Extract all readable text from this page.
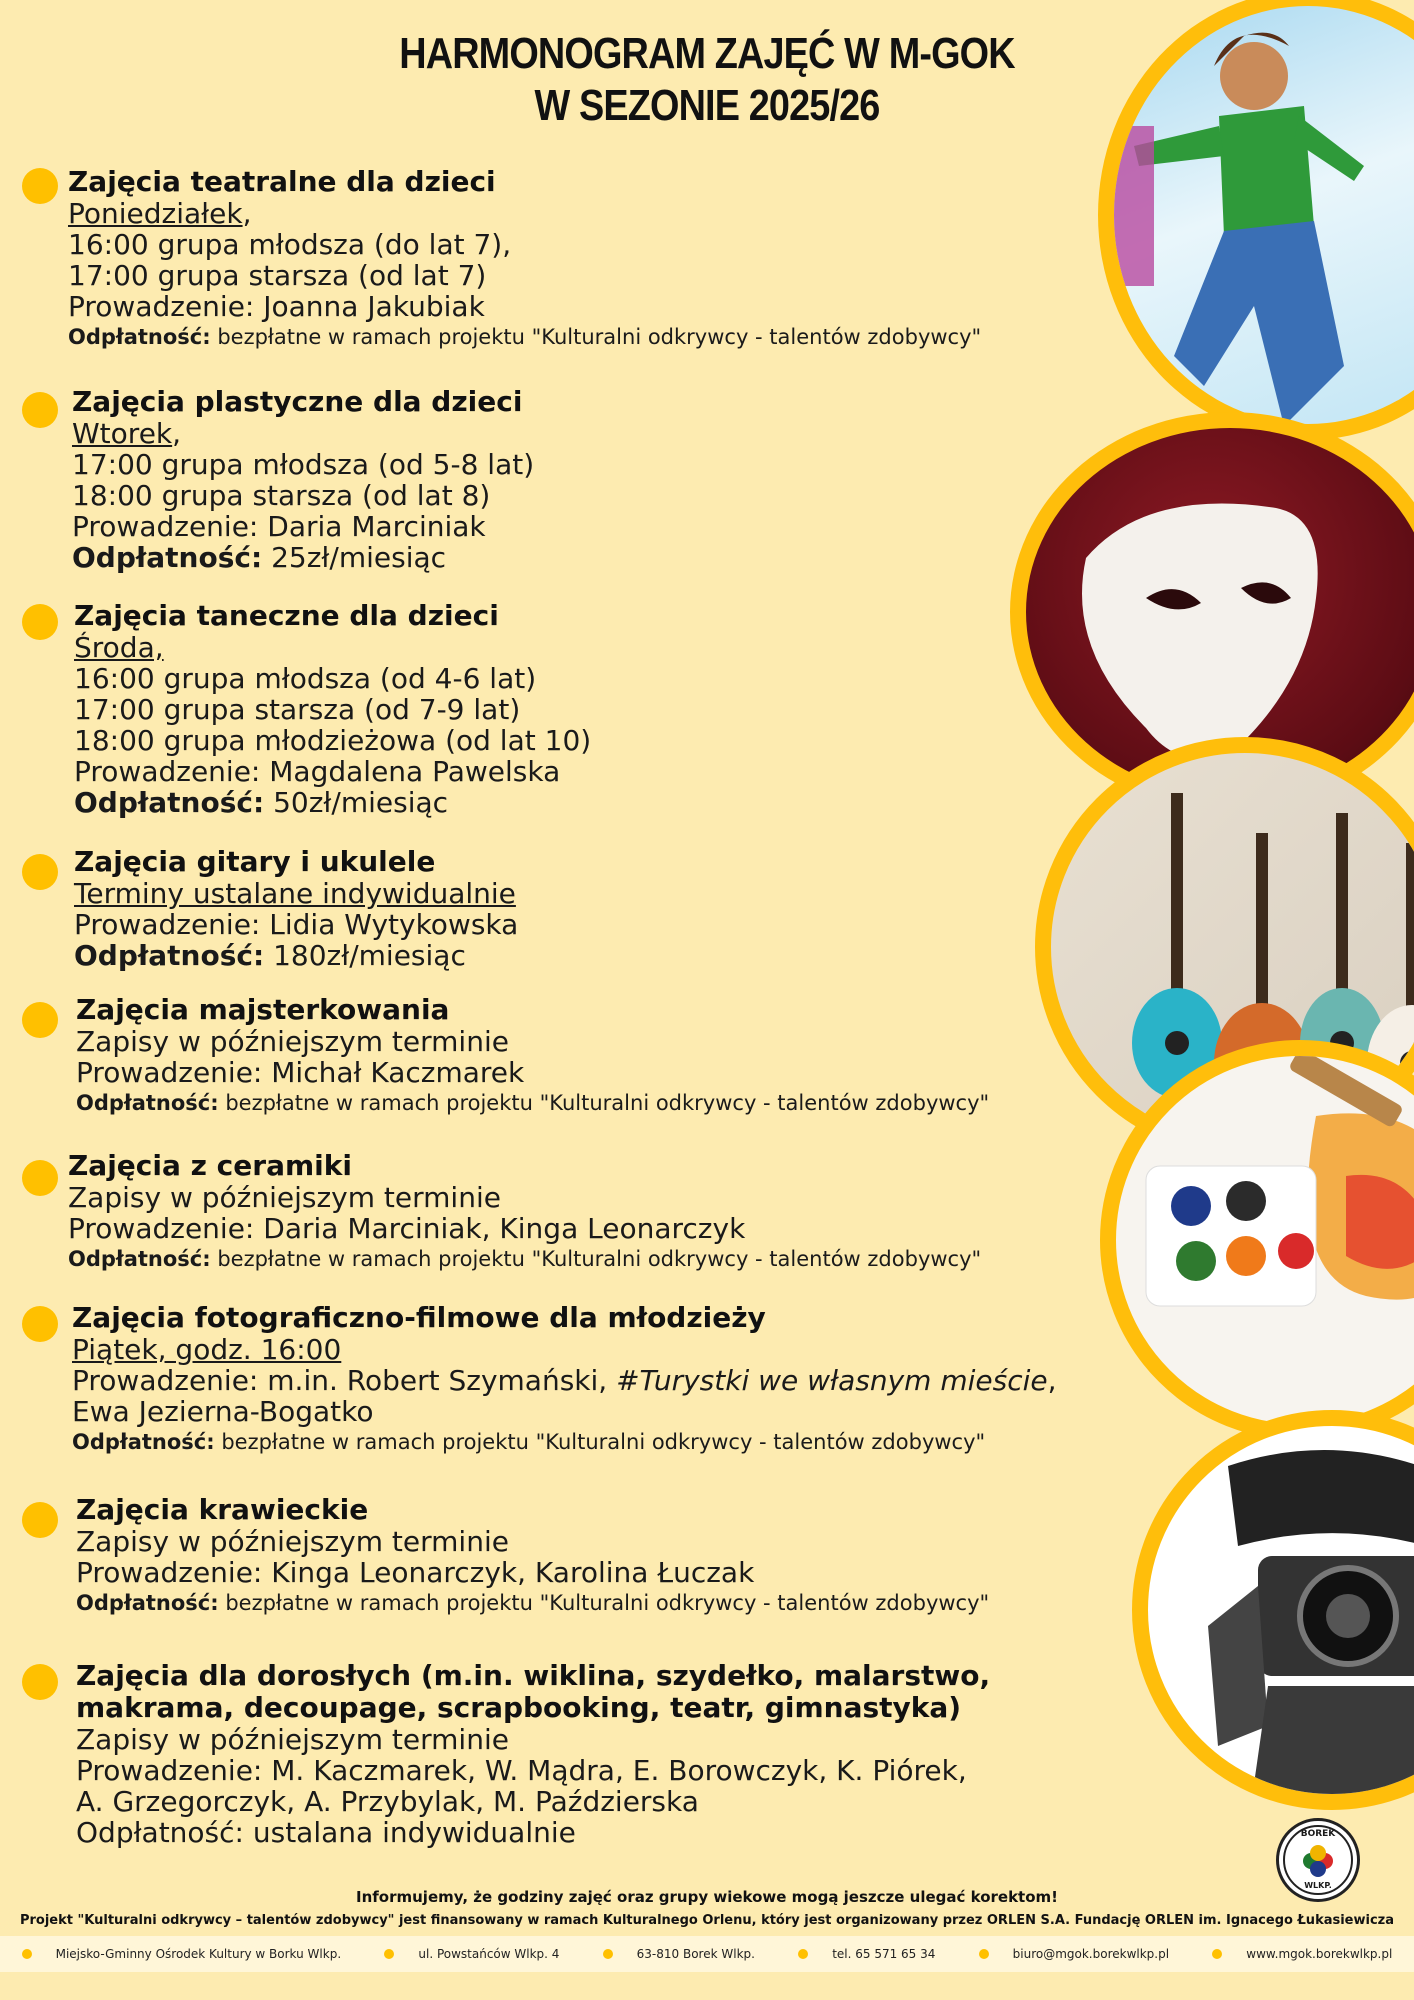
HARMONOGRAM ZAJĘĆ W M-GOK
W SEZONIE 2025/26
Zajęcia teatralne dla dzieci
Poniedziałek,
16:00 grupa młodsza (do lat 7),
17:00 grupa starsza (od lat 7)
Prowadzenie: Joanna Jakubiak
Odpłatność: bezpłatne w ramach projektu "Kulturalni odkrywcy - talentów zdobywcy"
Zajęcia plastyczne dla dzieci
Wtorek,
17:00 grupa młodsza (od 5-8 lat)
18:00 grupa starsza (od lat 8)
Prowadzenie: Daria Marciniak
Odpłatność: 25zł/miesiąc
Zajęcia taneczne dla dzieci
Środa,
16:00 grupa młodsza (od 4-6 lat)
17:00 grupa starsza (od 7-9 lat)
18:00 grupa młodzieżowa (od lat 10)
Prowadzenie: Magdalena Pawelska
Odpłatność: 50zł/miesiąc
Zajęcia gitary i ukulele
Terminy ustalane indywidualnie
Prowadzenie: Lidia Wytykowska
Odpłatność: 180zł/miesiąc
Zajęcia majsterkowania
Zapisy w późniejszym terminie
Prowadzenie: Michał Kaczmarek
Odpłatność: bezpłatne w ramach projektu "Kulturalni odkrywcy - talentów zdobywcy"
Zajęcia z ceramiki
Zapisy w późniejszym terminie
Prowadzenie: Daria Marciniak, Kinga Leonarczyk
Odpłatność: bezpłatne w ramach projektu "Kulturalni odkrywcy - talentów zdobywcy"
Zajęcia fotograficzno-filmowe dla młodzieży
Piątek, godz. 16:00
Prowadzenie: m.in. Robert Szymański, #Turystki we własnym mieście,
Ewa Jezierna-Bogatko
Odpłatność: bezpłatne w ramach projektu "Kulturalni odkrywcy - talentów zdobywcy"
Zajęcia krawieckie
Zapisy w późniejszym terminie
Prowadzenie: Kinga Leonarczyk, Karolina Łuczak
Odpłatność: bezpłatne w ramach projektu "Kulturalni odkrywcy - talentów zdobywcy"
Zajęcia dla dorosłych (m.in. wiklina, szydełko, malarstwo,
makrama, decoupage, scrapbooking, teatr, gimnastyka)
Zapisy w późniejszym terminie
Prowadzenie: M. Kaczmarek, W. Mądra, E. Borowczyk, K. Piórek,
A. Grzegorczyk, A. Przybylak, M. Paździerska
Odpłatność: ustalana indywidualnie	BOREK
WLKP.
Informujemy, że godziny zajęć oraz grupy wiekowe mogą jeszcze ulegać korektom!
Projekt "Kulturalni odkrywcy – talentów zdobywcy" jest finansowany w ramach Kulturalnego Orlenu, który jest organizowany przez ORLEN S.A. Fundację ORLEN im. Ignacego Łukasiewicza
Miejsko-Gminny Ośrodek Kultury w Borku Wlkp.	ul. Powstańców Wlkp. 4	63-810 Borek Wlkp.	tel. 65 571 65 34	biuro@mgok.borekwlkp.pl	www.mgok.borekwlkp.pl
